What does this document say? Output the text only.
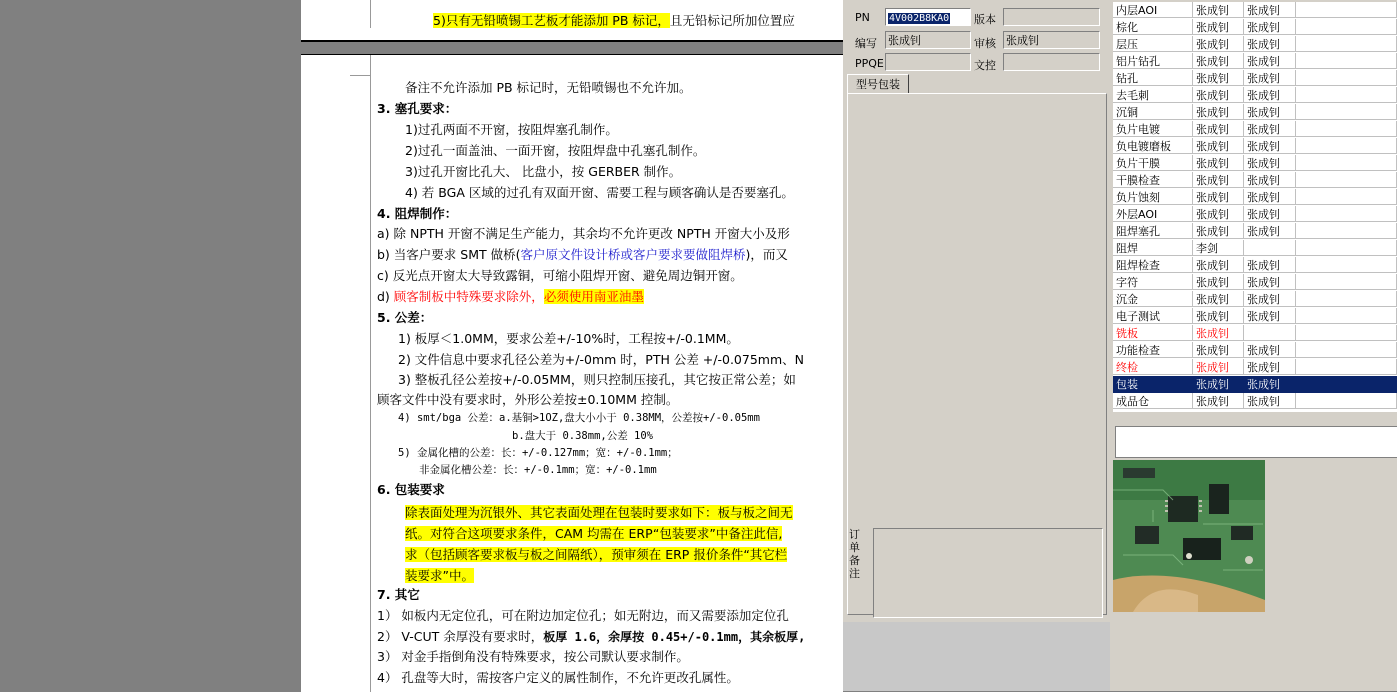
5)只有无铅喷锡工艺板才能添加 PB 标记，且无铅标记所加位置应
备注不允许添加 PB 标记时，无铅喷锡也不允许加。
3. 塞孔要求：
1)过孔两面不开窗，按阻焊塞孔制作。
2)过孔一面盖油、一面开窗，按阻焊盘中孔塞孔制作。
3)过孔开窗比孔大、 比盘小，按 GERBER 制作。
4) 若 BGA 区域的过孔有双面开窗、需要工程与顾客确认是否要塞孔。
4. 阻焊制作：
a) 除 NPTH 开窗不满足生产能力，其余均不允许更改 NPTH 开窗大小及形
b) 当客户要求 SMT 做桥(客户原文件设计桥或客户要求要做阻焊桥)，而又
c) 反光点开窗太大导致露铜，可缩小阻焊开窗、避免周边铜开窗。
d) 顾客制板中特殊要求除外，必须使用南亚油墨
5. 公差：
1) 板厚＜1.0MM，要求公差+/-10%时，工程按+/-0.1MM。
2) 文件信息中要求孔径公差为+/-0mm 时，PTH 公差 +/-0.075mm、N
3) 整板孔径公差按+/-0.05MM，则只控制压接孔，其它按正常公差；如
顾客文件中没有要求时，外形公差按±0.10MM 控制。
4) smt/bga 公差：a.基铜>1OZ,盘大小小于 0.38MM，公差按+/-0.05mm
b.盘大于 0.38mm,公差 10%
5) 金属化槽的公差：长：+/-0.127mm；宽：+/-0.1mm；
非金属化槽公差：长：+/-0.1mm；宽：+/-0.1mm
6. 包装要求
除表面处理为沉银外、其它表面处理在包装时要求如下：板与板之间无
纸。对符合这项要求条件，CAM 均需在 ERP“包装要求”中备注此信,
求（包括顾客要求板与板之间隔纸），预审须在 ERP 报价条件“其它栏
装要求”中。
7. 其它
1） 如板内无定位孔，可在附边加定位孔；如无附边，而又需要添加定位孔
2） V-CUT 余厚没有要求时，板厚 1.6，余厚按 0.45+/-0.1mm，其余板厚,
3） 对金手指倒角没有特殊要求，按公司默认要求制作。
4） 孔盘等大时，需按客户定义的属性制作，不允许更改孔属性。
PN	4V002B8KA0	版本
编写 张成钊	审核 张成钊
PPQE	文控
型号包装
订单备注
内层AOI	张成钊	张成钊
棕化	张成钊	张成钊
层压	张成钊	张成钊
铝片钻孔	张成钊	张成钊
钻孔	张成钊	张成钊
去毛刺	张成钊	张成钊
沉铜	张成钊	张成钊
负片电镀	张成钊	张成钊
负电镀磨板	张成钊	张成钊
负片干膜	张成钊	张成钊
干膜检查	张成钊	张成钊
负片蚀刻	张成钊	张成钊
外层AOI	张成钊	张成钊
阻焊塞孔	张成钊	张成钊
阻焊	李剑
阻焊检查	张成钊	张成钊
字符	张成钊	张成钊
沉金	张成钊	张成钊
电子测试	张成钊	张成钊
铣板	张成钊
功能检查	张成钊	张成钊
终检	张成钊	张成钊
包装	张成钊	张成钊
成品仓	张成钊	张成钊
